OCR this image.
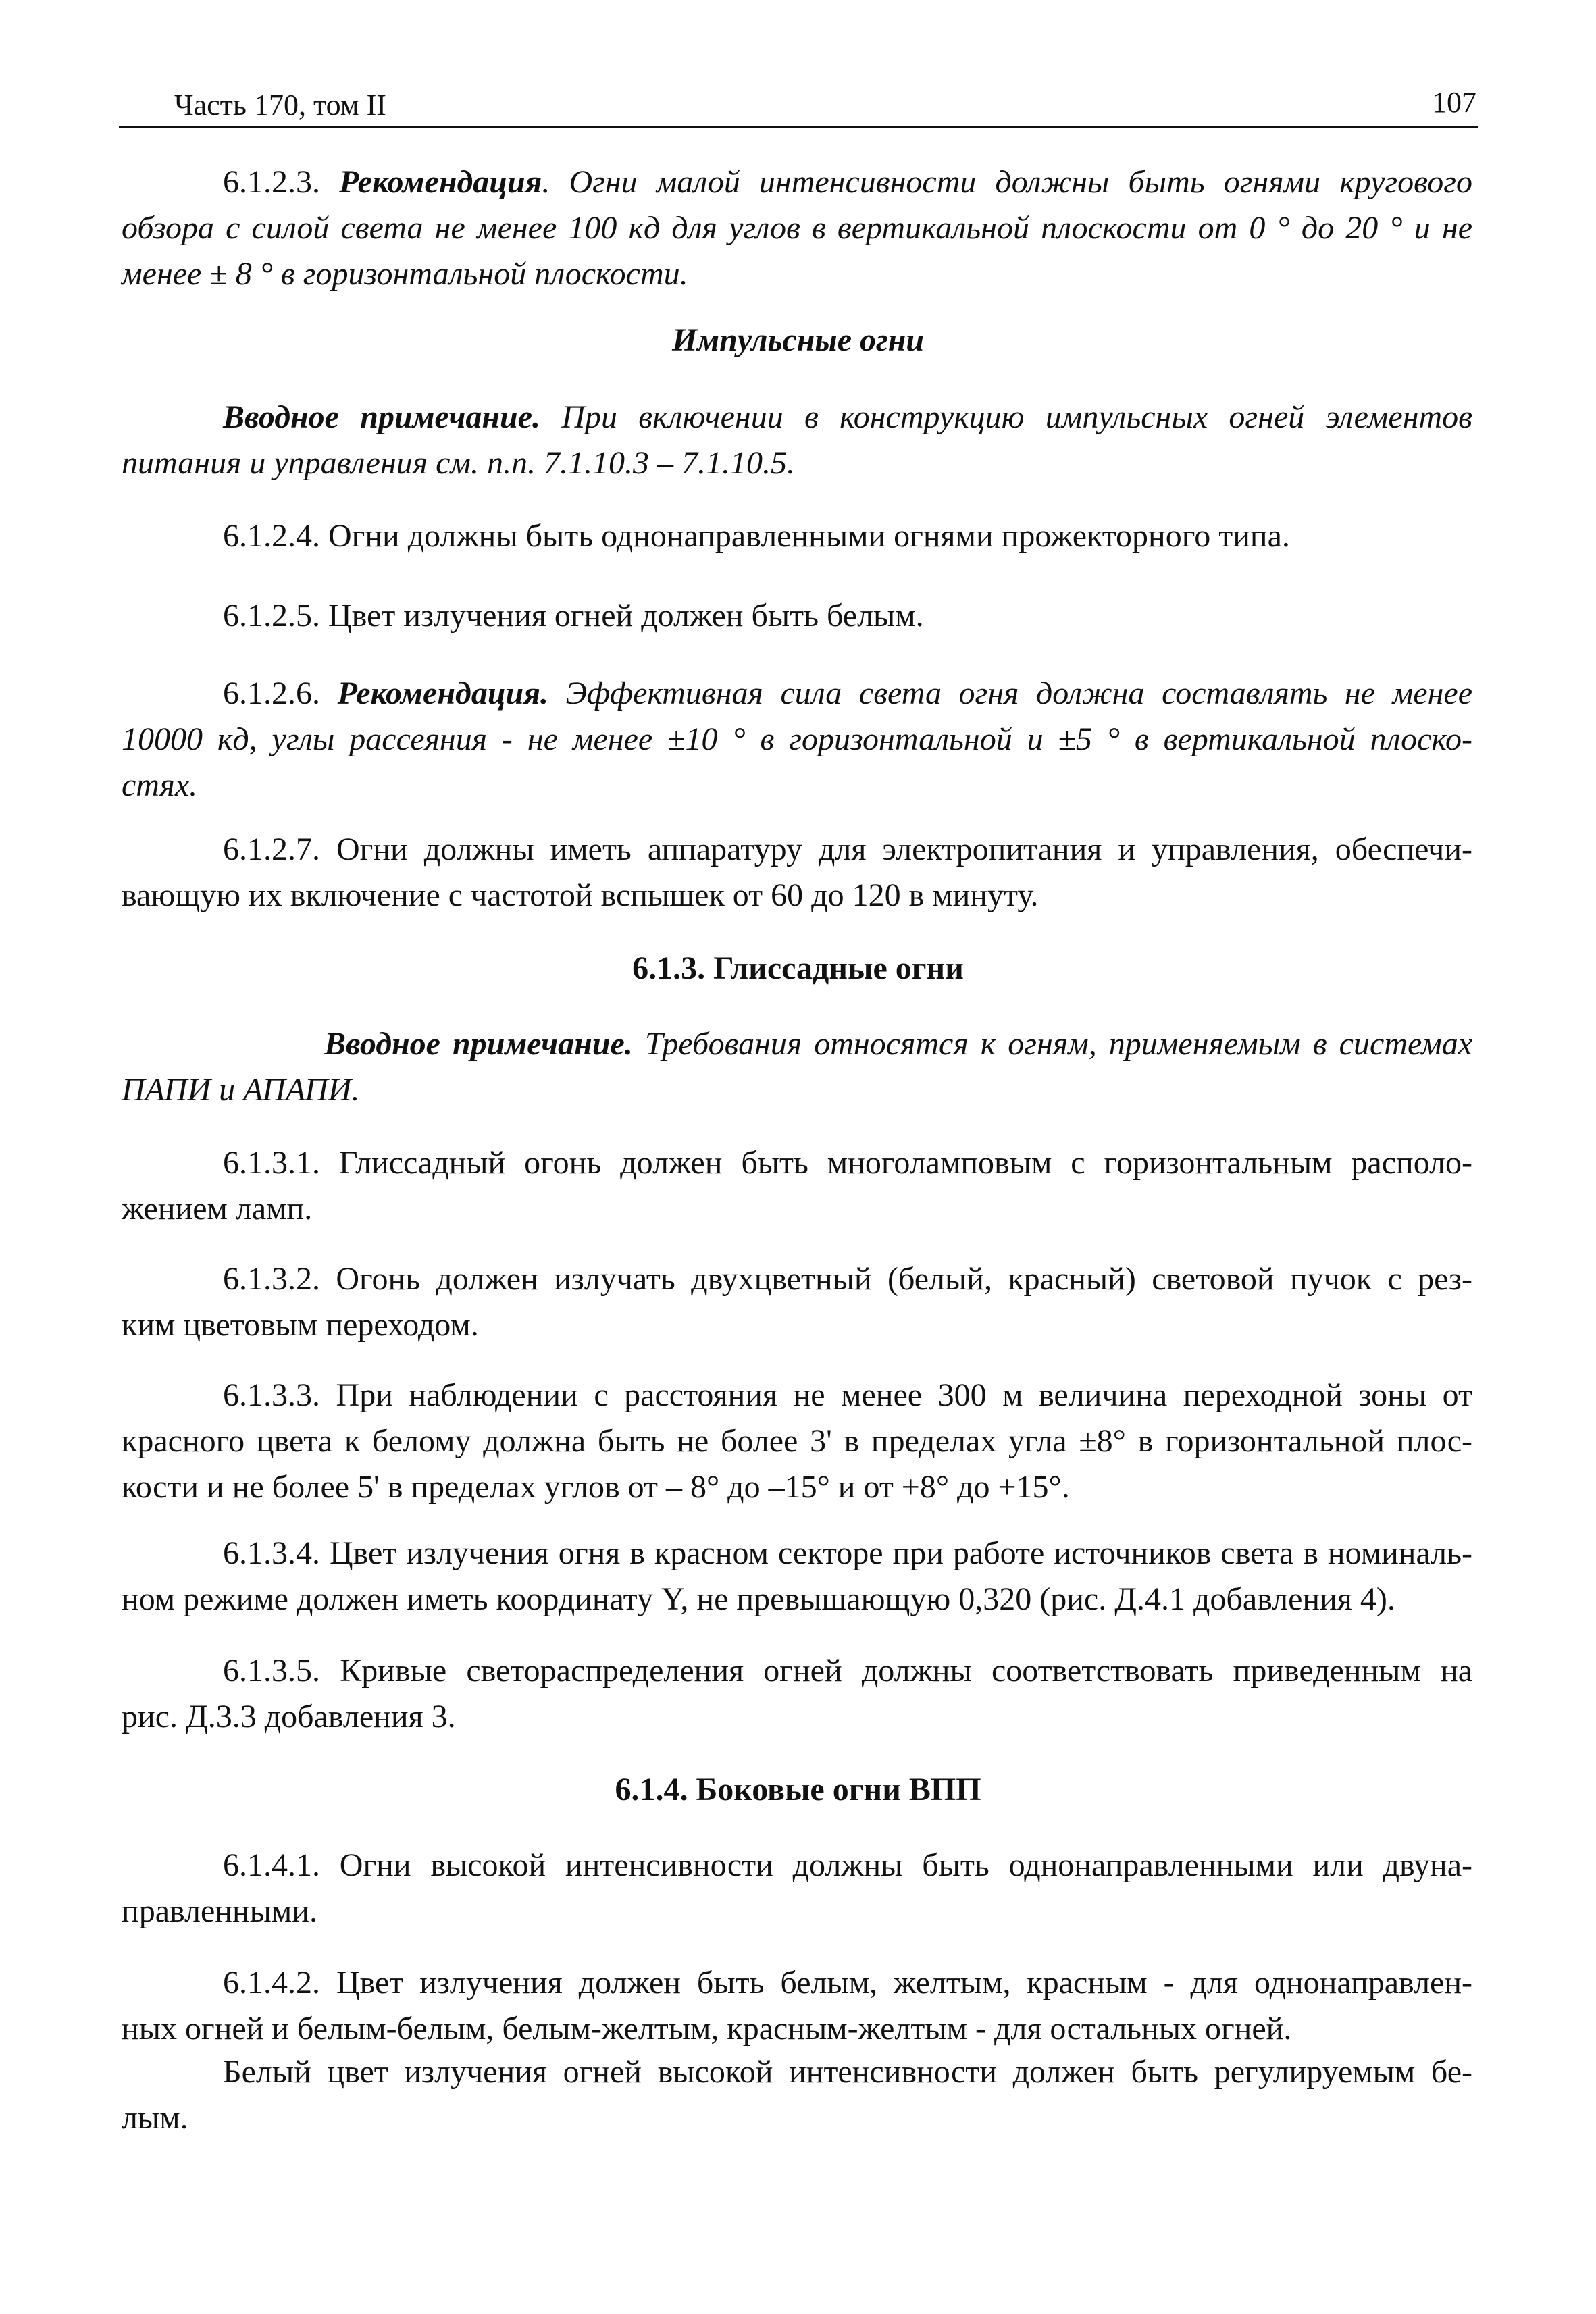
Часть 170, том II	107
6.1.2.3. Рекомендация. Огни малой интенсивности должны быть огнями кругового
обзора с силой света не менее 100 кд для углов в вертикальной плоскости от 0 ° до 20 ° и не
менее ± 8 ° в горизонтальной плоскости.
Импульсные огни
Вводное примечание. При включении в конструкцию импульсных огней элементов
питания и управления см. п.п. 7.1.10.3 – 7.1.10.5.
6.1.2.4. Огни должны быть однонаправленными огнями прожекторного типа.
6.1.2.5. Цвет излучения огней должен быть белым.
6.1.2.6. Рекомендация. Эффективная сила света огня должна составлять не менее
10000 кд, углы рассеяния - не менее ±10 ° в горизонтальной и ±5 ° в вертикальной плоско-
стях.
6.1.2.7. Огни должны иметь аппаратуру для электропитания и управления, обеспечи-
вающую их включение с частотой вспышек от 60 до 120 в минуту.
6.1.3. Глиссадные огни
Вводное примечание. Требования относятся к огням, применяемым в системах
ПАПИ и АПАПИ.
6.1.3.1. Глиссадный огонь должен быть многоламповым с горизонтальным располо-
жением ламп.
6.1.3.2. Огонь должен излучать двухцветный (белый, красный) световой пучок с рез-
ким цветовым переходом.
6.1.3.3. При наблюдении с расстояния не менее 300 м величина переходной зоны от
красного цвета к белому должна быть не более 3' в пределах угла ±8° в горизонтальной плос-
кости и не более 5' в пределах углов от – 8° до –15° и от +8° до +15°.
6.1.3.4. Цвет излучения огня в красном секторе при работе источников света в номиналь-
ном режиме должен иметь координату Y, не превышающую 0,320 (рис. Д.4.1 добавления 4).
6.1.3.5. Кривые светораспределения огней должны соответствовать приведенным на
рис. Д.3.3 добавления 3.
6.1.4. Боковые огни ВПП
6.1.4.1. Огни высокой интенсивности должны быть однонаправленными или двуна-
правленными.
6.1.4.2. Цвет излучения должен быть белым, желтым, красным - для однонаправлен-
ных огней и белым-белым, белым-желтым, красным-желтым - для остальных огней.
Белый цвет излучения огней высокой интенсивности должен быть регулируемым бе-
лым.
